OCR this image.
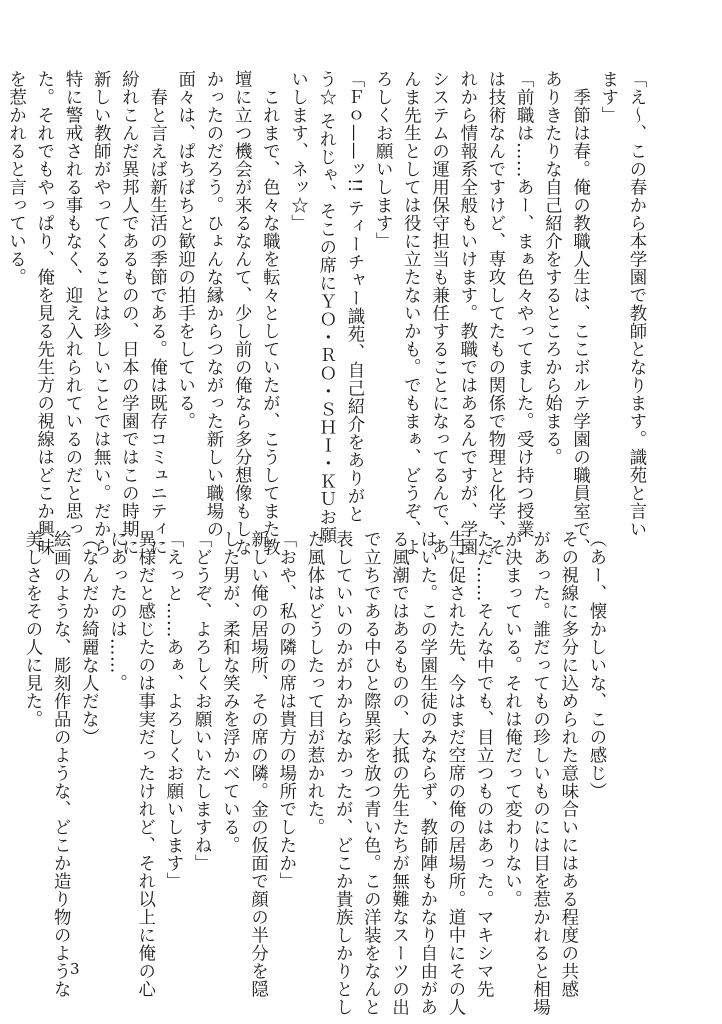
「え〜、この春から本学園で教師となります。識苑と言い
ます」
　季節は春。俺の教職人生は、ここボルテ学園の職員室で、
ありきたりな自己紹介をするところから始まる。
「前職は……あー、まぁ色々やってました。受け持つ授業
は技術なんですけど、専攻してたもの関係で物理と化学、そ
れから情報系全般もいけます。教職ではあるんですが、学園
システムの運用保守担当も兼任することになってるんで、あ
んま先生としては役に立たないかも。でもまぁ、どうぞ、よ
ろしくお願いします」
「Ｆｏ——ッ!! ティーチャー識苑、自己紹介をありがと
う☆ それじゃ、そこの席にＹＯ・ＲＯ・ＳＨＩ・ＫＵお願
いします、ネッ☆」
　これまで、色々な職を転々としていたが、こうしてまた教
壇に立つ機会が来るなんて、少し前の俺なら多分想像もしな
かったのだろう。ひょんな縁からつながった新しい職場の
面々は、ぱちぱちと歓迎の拍手をしている。
　春と言えば新生活の季節である。俺は既存コミュニティに
紛れこんだ異邦人であるものの、日本の学園ではこの時期に
新しい教師がやってくることは珍しいことでは無い。だから
特に警戒される事もなく、迎え入れられているのだと思っ
た。それでもやっぱり、俺を見る先生方の視線はどこか興味
を惹かれると言っている。
（あー、懐かしいな、この感じ）
その視線に多分に込められた意味合いにはある程度の共感
があった。誰だってもの珍しいものには目を惹かれると相場
が決まっている。それは俺だって変わりない。
ただ……そんな中でも、目立つものはあった。マキシマ先
生に促された先、今はまだ空席の俺の居場所。道中にその人
はいた。この学園生徒のみならず、教師陣もかなり自由があ
る風潮ではあるものの、大抵の先生たちが無難なスーツの出
で立ちである中ひと際異彩を放つ青い色。この洋装をなんと
表していいのかがわからなかったが、どこか貴族しかりとし
た風体はどうしたって目が惹かれた。
「おや、私の隣の席は貴方の場所でしたか」
新しい俺の居場所、その席の隣。金の仮面で顔の半分を隠
した男が、柔和な笑みを浮かべている。
「どうぞ、よろしくお願いいたしますね」
「えっと……あぁ、よろしくお願いします」
異様だと感じたのは事実だったけれど、それ以上に俺の心
にあったのは……。
（なんだか綺麗な人だな）
絵画のような、彫刻作品のような、どこか造り物のような
美しさをその人に見た。
3
